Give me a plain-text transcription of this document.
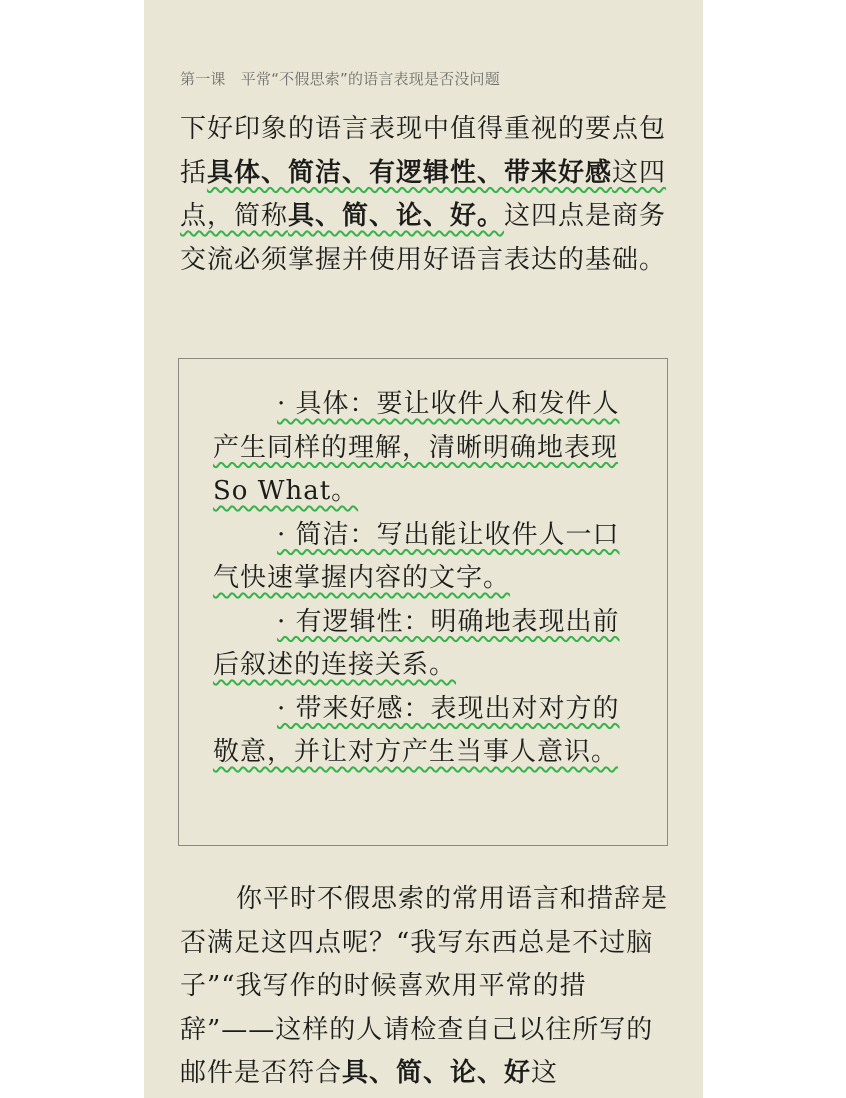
第一课　平常“不假思索”的语言表现是否没问题
下好印象的语言表现中值得重视的要点包括具体、简洁、有逻辑性、带来好感这四点，简称具、简、论、好。这四点是商务交流必须掌握并使用好语言表达的基础。
· 具体：要让收件人和发件人产生同样的理解，清晰明确地表现So What。
· 简洁：写出能让收件人一口气快速掌握内容的文字。
· 有逻辑性：明确地表现出前后叙述的连接关系。
· 带来好感：表现出对对方的敬意，并让对方产生当事人意识。
你平时不假思索的常用语言和措辞是否满足这四点呢？“我写东西总是不过脑子”“我写作的时候喜欢用平常的措辞”——这样的人请检查自己以往所写的邮件是否符合具、简、论、好这
